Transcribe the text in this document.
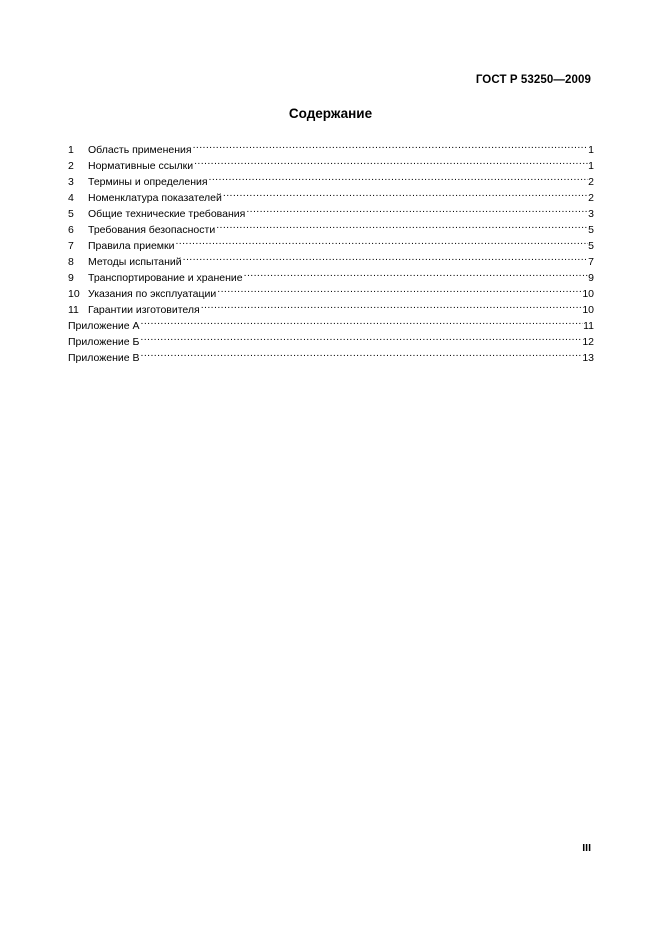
ГОСТ Р 53250—2009
Содержание
1	Область применения .....	1
2	Нормативные ссылки .....	1
3	Термины и определения .....	2
4	Номенклатура показателей .....	2
5	Общие технические требования .....	3
6	Требования безопасности .....	5
7	Правила приемки .....	5
8	Методы испытаний .....	7
9	Транспортирование и хранение .....	9
10 Указания по эксплуатации .....	10
11 Гарантии изготовителя .....	10
Приложение А .....	11
Приложение Б .....	12
Приложение В .....	13
III
